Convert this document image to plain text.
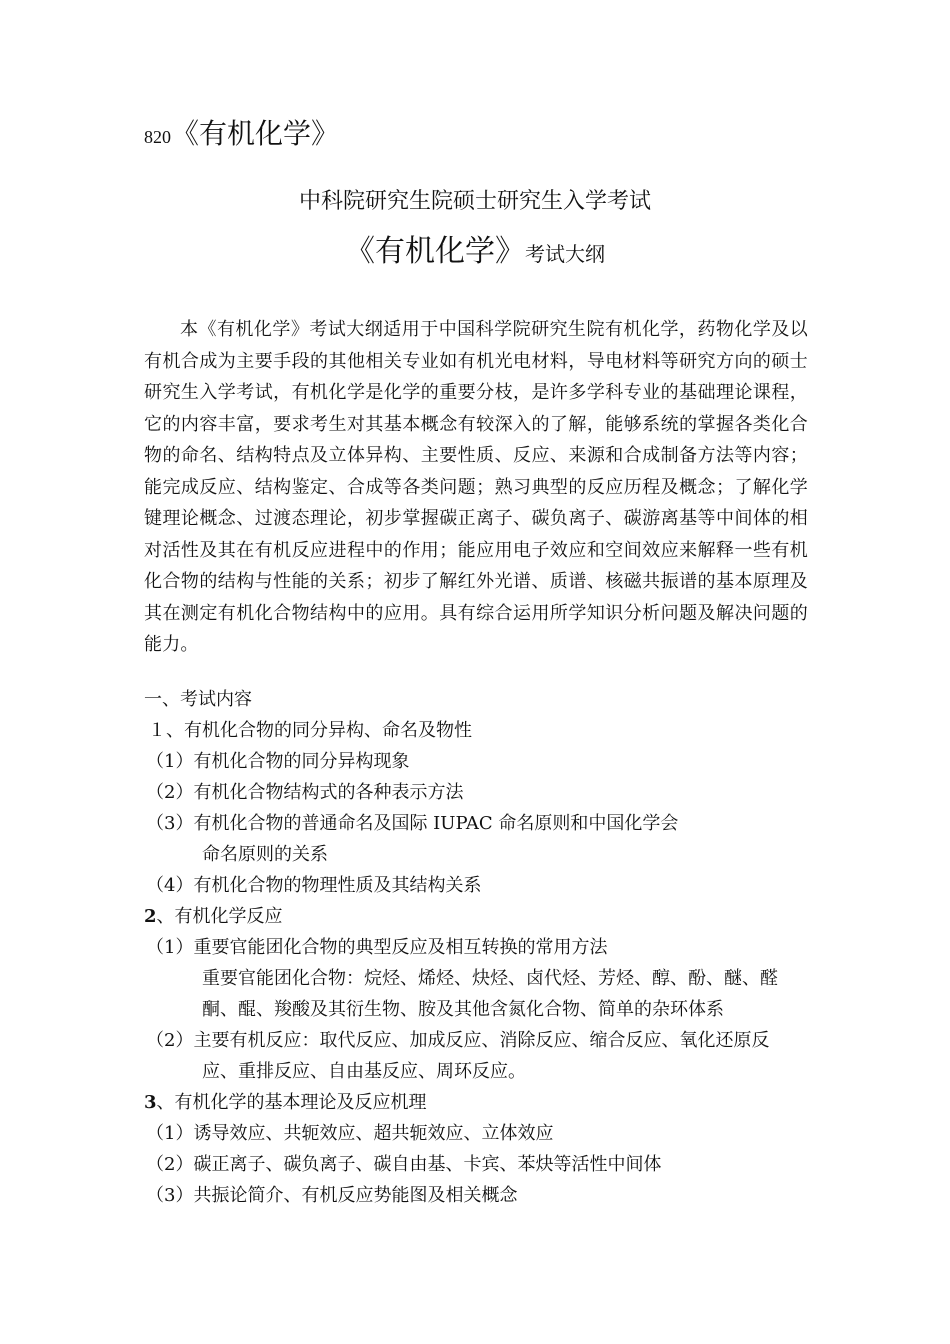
820《有机化学》
中科院研究生院硕士研究生入学考试
《有机化学》考试大纲

本《有机化学》考试大纲适用于中国科学院研究生院有机化学，药物化学及以有机合成为主要手段的其他相关专业如有机光电材料，导电材料等研究方向的硕士研究生入学考试，有机化学是化学的重要分枝，是许多学科专业的基础理论课程，它的内容丰富，要求考生对其基本概念有较深入的了解，能够系统的掌握各类化合物的命名、结构特点及立体异构、主要性质、反应、来源和合成制备方法等内容；能完成反应、结构鉴定、合成等各类问题；熟习典型的反应历程及概念；了解化学键理论概念、过渡态理论，初步掌握碳正离子、碳负离子、碳游离基等中间体的相对活性及其在有机反应进程中的作用；能应用电子效应和空间效应来解释一些有机化合物的结构与性能的关系；初步了解红外光谱、质谱、核磁共振谱的基本原理及其在测定有机化合物结构中的应用。具有综合运用所学知识分析问题及解决问题的能力。

一、考试内容
１、有机化合物的同分异构、命名及物性
（1）有机化合物的同分异构现象
（2）有机化合物结构式的各种表示方法
（3）有机化合物的普通命名及国际 IUPAC 命名原则和中国化学会
命名原则的关系
（4）有机化合物的物理性质及其结构关系
2、有机化学反应
（1）重要官能团化合物的典型反应及相互转换的常用方法
重要官能团化合物：烷烃、烯烃、炔烃、卤代烃、芳烃、醇、酚、醚、醛
酮、醌、羧酸及其衍生物、胺及其他含氮化合物、简单的杂环体系
（2）主要有机反应：取代反应、加成反应、消除反应、缩合反应、氧化还原反
应、重排反应、自由基反应、周环反应。
3、有机化学的基本理论及反应机理
（1）诱导效应、共轭效应、超共轭效应、立体效应
（2）碳正离子、碳负离子、碳自由基、卡宾、苯炔等活性中间体
（3）共振论简介、有机反应势能图及相关概念
